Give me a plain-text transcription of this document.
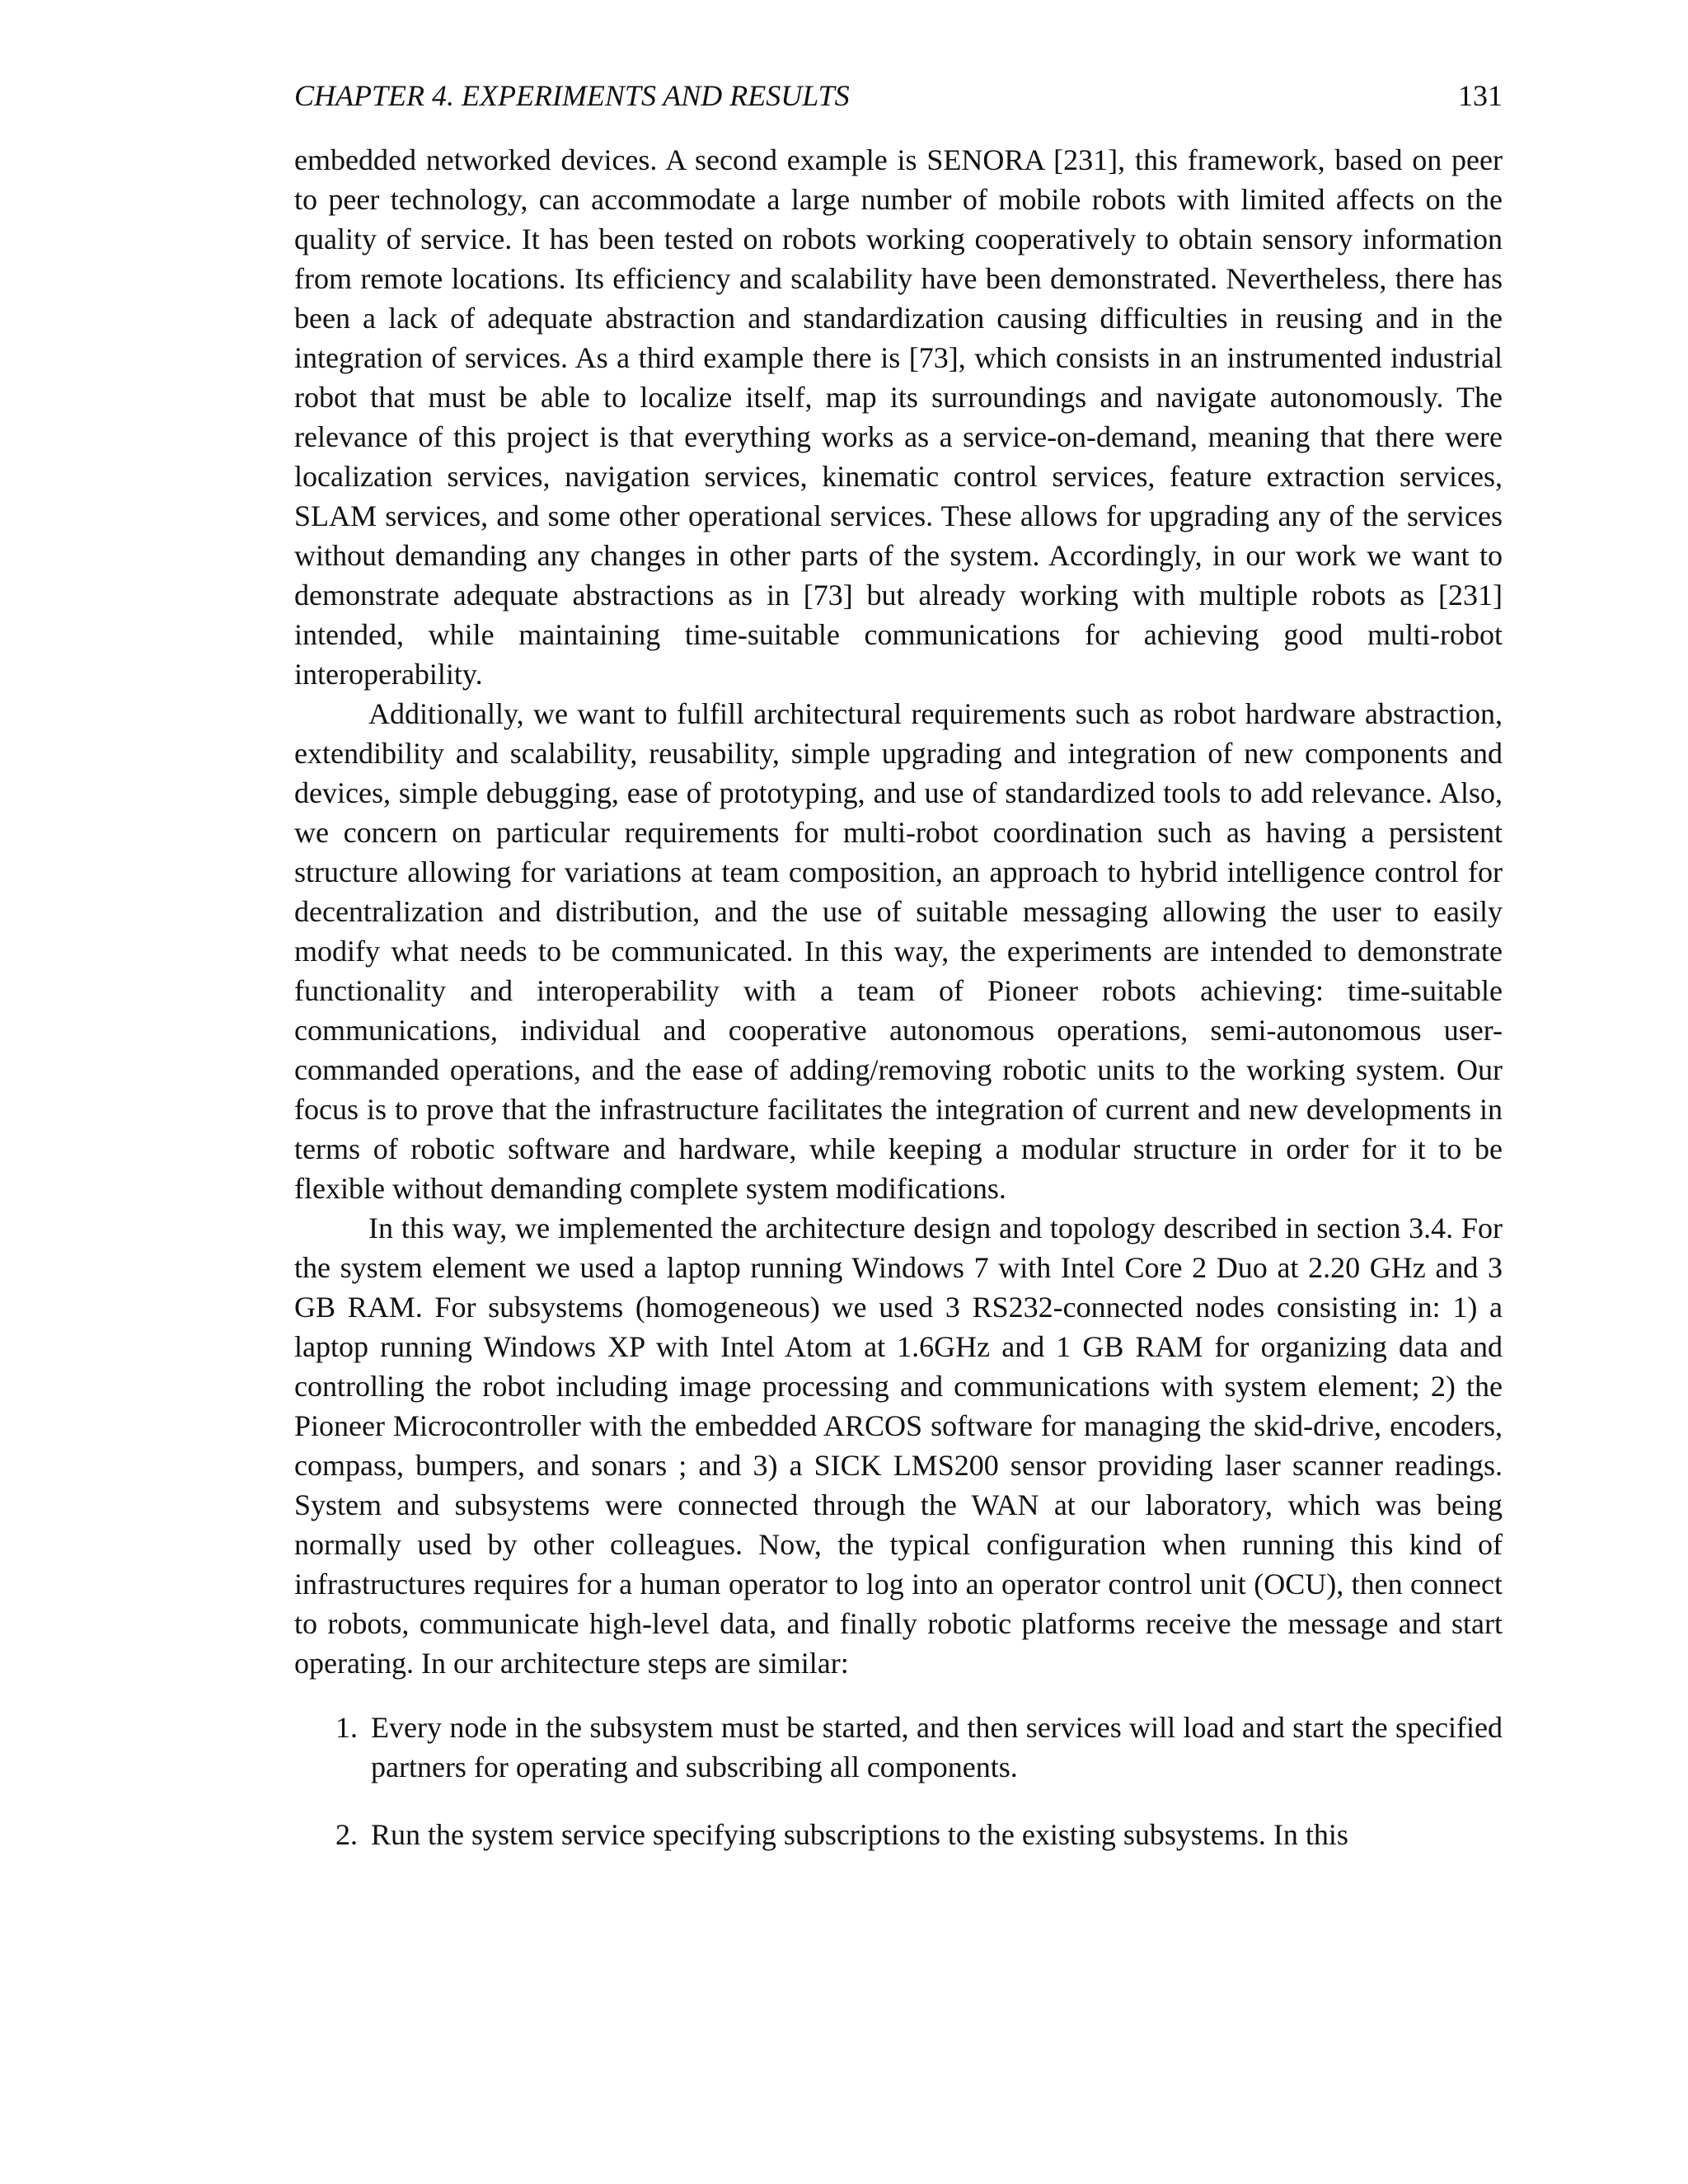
CHAPTER 4. EXPERIMENTS AND RESULTS	131

embedded networked devices. A second example is SENORA [231], this framework, based on peer to peer technology, can accommodate a large number of mobile robots with limited affects on the quality of service. It has been tested on robots working cooperatively to obtain sensory information from remote locations. Its efficiency and scalability have been demonstrated. Nevertheless, there has been a lack of adequate abstraction and standardization causing difficulties in reusing and in the integration of services. As a third example there is [73], which consists in an instrumented industrial robot that must be able to localize itself, map its surroundings and navigate autonomously. The relevance of this project is that everything works as a service-on-demand, meaning that there were localization services, navigation services, kinematic control services, feature extraction services, SLAM services, and some other operational services. These allows for upgrading any of the services without demanding any changes in other parts of the system. Accordingly, in our work we want to demonstrate adequate abstractions as in [73] but already working with multiple robots as [231] intended, while maintaining time-suitable communications for achieving good multi-robot interoperability.

Additionally, we want to fulfill architectural requirements such as robot hardware abstraction, extendibility and scalability, reusability, simple upgrading and integration of new components and devices, simple debugging, ease of prototyping, and use of standardized tools to add relevance. Also, we concern on particular requirements for multi-robot coordination such as having a persistent structure allowing for variations at team composition, an approach to hybrid intelligence control for decentralization and distribution, and the use of suitable messaging allowing the user to easily modify what needs to be communicated. In this way, the experiments are intended to demonstrate functionality and interoperability with a team of Pioneer robots achieving: time-suitable communications, individual and cooperative autonomous operations, semi-autonomous user-commanded operations, and the ease of adding/removing robotic units to the working system. Our focus is to prove that the infrastructure facilitates the integration of current and new developments in terms of robotic software and hardware, while keeping a modular structure in order for it to be flexible without demanding complete system modifications.

In this way, we implemented the architecture design and topology described in section 3.4. For the system element we used a laptop running Windows 7 with Intel Core 2 Duo at 2.20 GHz and 3 GB RAM. For subsystems (homogeneous) we used 3 RS232-connected nodes consisting in: 1) a laptop running Windows XP with Intel Atom at 1.6GHz and 1 GB RAM for organizing data and controlling the robot including image processing and communications with system element; 2) the Pioneer Microcontroller with the embedded ARCOS software for managing the skid-drive, encoders, compass, bumpers, and sonars ; and 3) a SICK LMS200 sensor providing laser scanner readings. System and subsystems were connected through the WAN at our laboratory, which was being normally used by other colleagues. Now, the typical configuration when running this kind of infrastructures requires for a human operator to log into an operator control unit (OCU), then connect to robots, communicate high-level data, and finally robotic platforms receive the message and start operating. In our architecture steps are similar:

1. Every node in the subsystem must be started, and then services will load and start the specified partners for operating and subscribing all components.
2. Run the system service specifying subscriptions to the existing subsystems. In this
